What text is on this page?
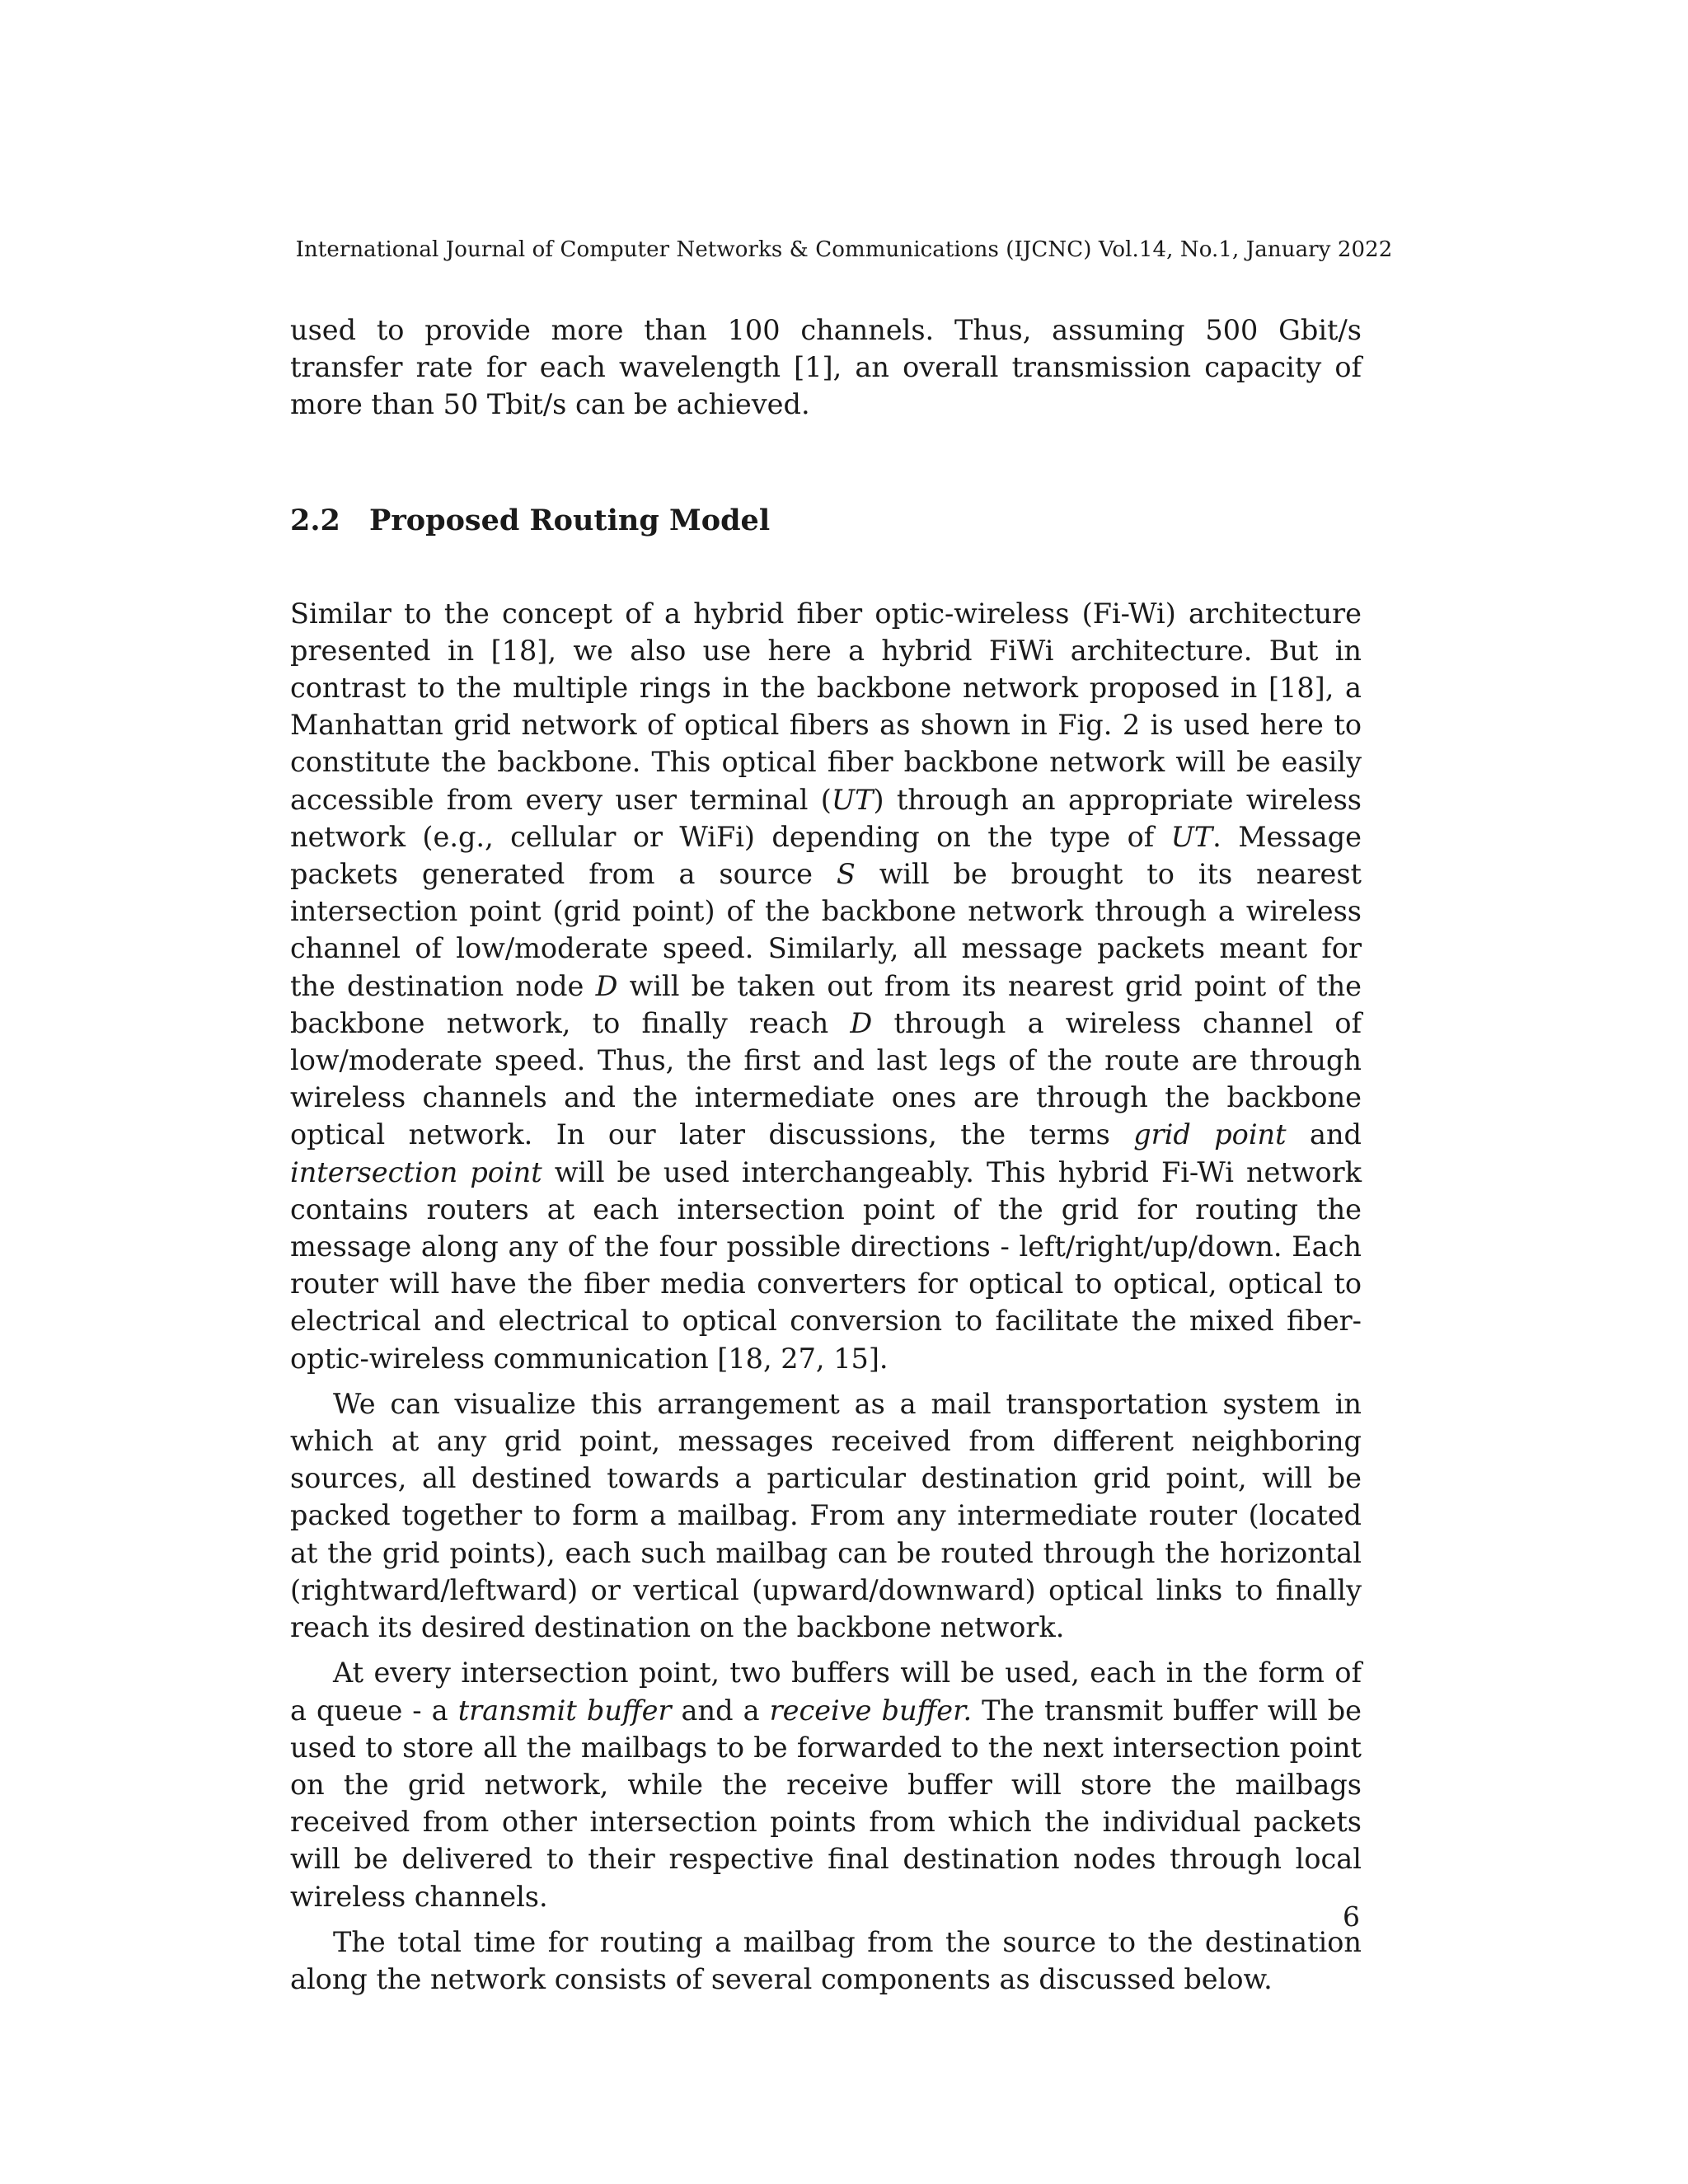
International Journal of Computer Networks & Communications (IJCNC) Vol.14, No.1, January 2022

used to provide more than 100 channels. Thus, assuming 500 Gbit/s transfer rate for each wavelength [1], an overall transmission capacity of more than 50 Tbit/s can be achieved.

2.2 Proposed Routing Model

Similar to the concept of a hybrid fiber optic-wireless (Fi-Wi) architecture presented in [18], we also use here a hybrid FiWi architecture. But in contrast to the multiple rings in the backbone network proposed in [18], a Manhattan grid network of optical fibers as shown in Fig. 2 is used here to constitute the backbone. This optical fiber backbone network will be easily accessible from every user terminal (UT) through an appropriate wireless network (e.g., cellular or WiFi) depending on the type of UT. Message packets generated from a source S will be brought to its nearest intersection point (grid point) of the backbone network through a wireless channel of low/moderate speed. Similarly, all message packets meant for the destination node D will be taken out from its nearest grid point of the backbone network, to finally reach D through a wireless channel of low/moderate speed. Thus, the first and last legs of the route are through wireless channels and the intermediate ones are through the backbone optical network. In our later discussions, the terms grid point and intersection point will be used interchangeably. This hybrid Fi-Wi network contains routers at each intersection point of the grid for routing the message along any of the four possible directions - left/right/up/down. Each router will have the fiber media converters for optical to optical, optical to electrical and electrical to optical conversion to facilitate the mixed fiber-optic-wireless communication [18, 27, 15].

We can visualize this arrangement as a mail transportation system in which at any grid point, messages received from different neighboring sources, all destined towards a particular destination grid point, will be packed together to form a mailbag. From any intermediate router (located at the grid points), each such mailbag can be routed through the horizontal (rightward/leftward) or vertical (upward/downward) optical links to finally reach its desired destination on the backbone network.

At every intersection point, two buffers will be used, each in the form of a queue - a transmit buffer and a receive buffer. The transmit buffer will be used to store all the mailbags to be forwarded to the next intersection point on the grid network, while the receive buffer will store the mailbags received from other intersection points from which the individual packets will be delivered to their respective final destination nodes through local wireless channels.

The total time for routing a mailbag from the source to the destination along the network consists of several components as discussed below.

6
